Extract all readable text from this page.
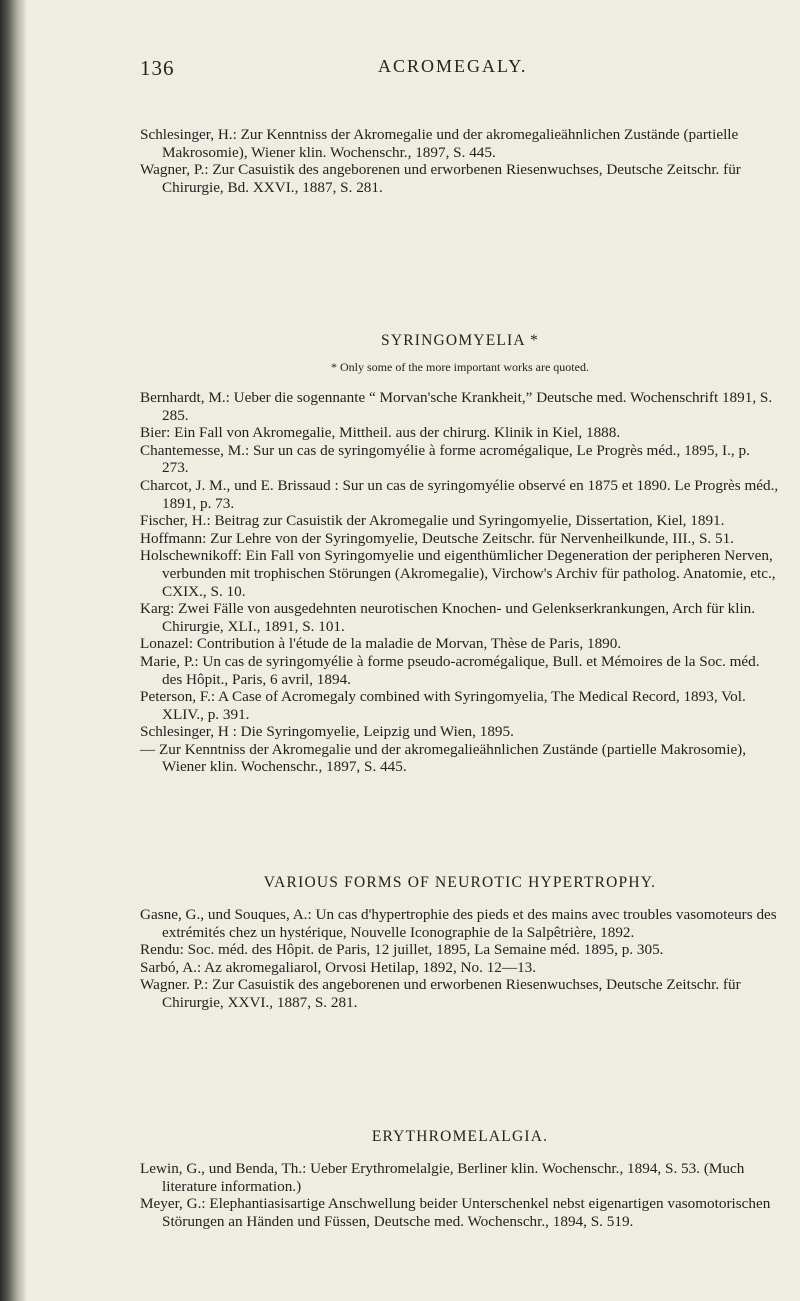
136	ACROMEGALY.

Schlesinger, H.: Zur Kenntniss der Akromegalie und der akromegalieähnlichen Zustände (partielle Makrosomie), Wiener klin. Wochenschr., 1897, S. 445.

Wagner, P.: Zur Casuistik des angeborenen und erworbenen Riesenwuchses, Deutsche Zeitschr. für Chirurgie, Bd. XXVI., 1887, S. 281.

SYRINGOMYELIA *

* Only some of the more important works are quoted.

Bernhardt, M.: Ueber die sogennante “ Morvan'sche Krankheit,” Deutsche med. Wochenschrift 1891, S. 285.

Bier: Ein Fall von Akromegalie, Mittheil. aus der chirurg. Klinik in Kiel, 1888.

Chantemesse, M.: Sur un cas de syringomyélie à forme acromégalique, Le Progrès méd., 1895, I., p. 273.

Charcot, J. M., und E. Brissaud : Sur un cas de syringomyélie observé en 1875 et 1890. Le Progrès méd., 1891, p. 73.

Fischer, H.: Beitrag zur Casuistik der Akromegalie und Syringomyelie, Dissertation, Kiel, 1891.

Hoffmann: Zur Lehre von der Syringomyelie, Deutsche Zeitschr. für Nervenheilkunde, III., S. 51.

Holschewnikoff: Ein Fall von Syringomyelie und eigenthümlicher Degeneration der peripheren Nerven, verbunden mit trophischen Störungen (Akromegalie), Virchow's Archiv für patholog. Anatomie, etc., CXIX., S. 10.

Karg: Zwei Fälle von ausgedehnten neurotischen Knochen- und Gelenkserkrankungen, Arch für klin. Chirurgie, XLI., 1891, S. 101.

Lonazel: Contribution à l'étude de la maladie de Morvan, Thèse de Paris, 1890.

Marie, P.: Un cas de syringomyélie à forme pseudo-acromégalique, Bull. et Mémoires de la Soc. méd. des Hôpit., Paris, 6 avril, 1894.

Peterson, F.: A Case of Acromegaly combined with Syringomyelia, The Medical Record, 1893, Vol. XLIV., p. 391.

Schlesinger, H : Die Syringomyelie, Leipzig und Wien, 1895.

— Zur Kenntniss der Akromegalie und der akromegalieähnlichen Zustände (partielle Makrosomie), Wiener klin. Wochenschr., 1897, S. 445.

VARIOUS FORMS OF NEUROTIC HYPERTROPHY.

Gasne, G., und Souques, A.: Un cas d'hypertrophie des pieds et des mains avec troubles vasomoteurs des extrémités chez un hystérique, Nouvelle Iconographie de la Salpêtrière, 1892.

Rendu: Soc. méd. des Hôpit. de Paris, 12 juillet, 1895, La Semaine méd. 1895, p. 305.

Sarbó, A.: Az akromegaliarol, Orvosi Hetilap, 1892, No. 12—13.

Wagner. P.: Zur Casuistik des angeborenen und erworbenen Riesenwuchses, Deutsche Zeitschr. für Chirurgie, XXVI., 1887, S. 281.

ERYTHROMELALGIA.

Lewin, G., und Benda, Th.: Ueber Erythromelalgie, Berliner klin. Wochenschr., 1894, S. 53. (Much literature information.)

Meyer, G.: Elephantiasisartige Anschwellung beider Unterschenkel nebst eigenartigen vasomotorischen Störungen an Händen und Füssen, Deutsche med. Wochenschr., 1894, S. 519.
